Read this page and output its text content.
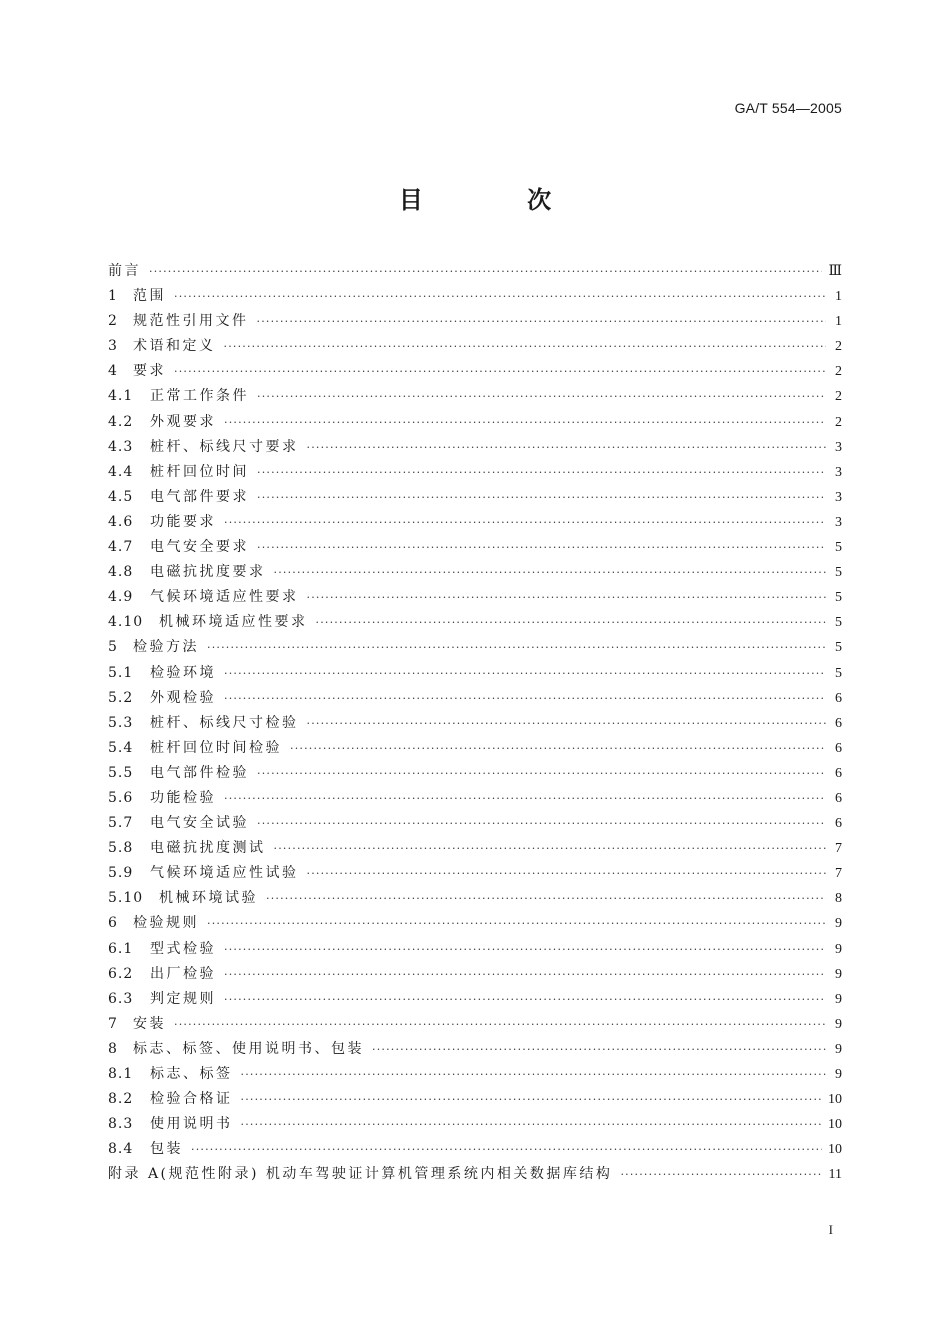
GA/T 554—2005
目 次
前言 ·····	Ⅲ
1	范围 ·····	1
2	规范性引用文件 ·····	1
3	术语和定义 ·····	2
4	要求 ·····	2
4.1	正常工作条件 ·····	2
4.2	外观要求 ·····	2
4.3	桩杆、标线尺寸要求 ·····	3
4.4	桩杆回位时间 ·····	3
4.5	电气部件要求 ·····	3
4.6	功能要求 ·····	3
4.7	电气安全要求 ·····	5
4.8	电磁抗扰度要求 ·····	5
4.9	气候环境适应性要求 ·····	5
4.10	机械环境适应性要求 ·····	5
5	检验方法 ·····	5
5.1	检验环境 ·····	5
5.2	外观检验 ·····	6
5.3	桩杆、标线尺寸检验 ·····	6
5.4	桩杆回位时间检验 ·····	6
5.5	电气部件检验 ·····	6
5.6	功能检验 ·····	6
5.7	电气安全试验 ·····	6
5.8	电磁抗扰度测试 ·····	7
5.9	气候环境适应性试验 ·····	7
5.10	机械环境试验 ·····	8
6	检验规则 ·····	9
6.1	型式检验 ·····	9
6.2	出厂检验 ·····	9
6.3	判定规则 ·····	9
7	安装 ·····	9
8	标志、标签、使用说明书、包装 ·····	9
8.1	标志、标签 ·····	9
8.2	检验合格证 ·····	10
8.3	使用说明书 ·····	10
8.4	包装 ·····	10
附录 A(规范性附录) 机动车驾驶证计算机管理系统内相关数据库结构 ·····	11
I
